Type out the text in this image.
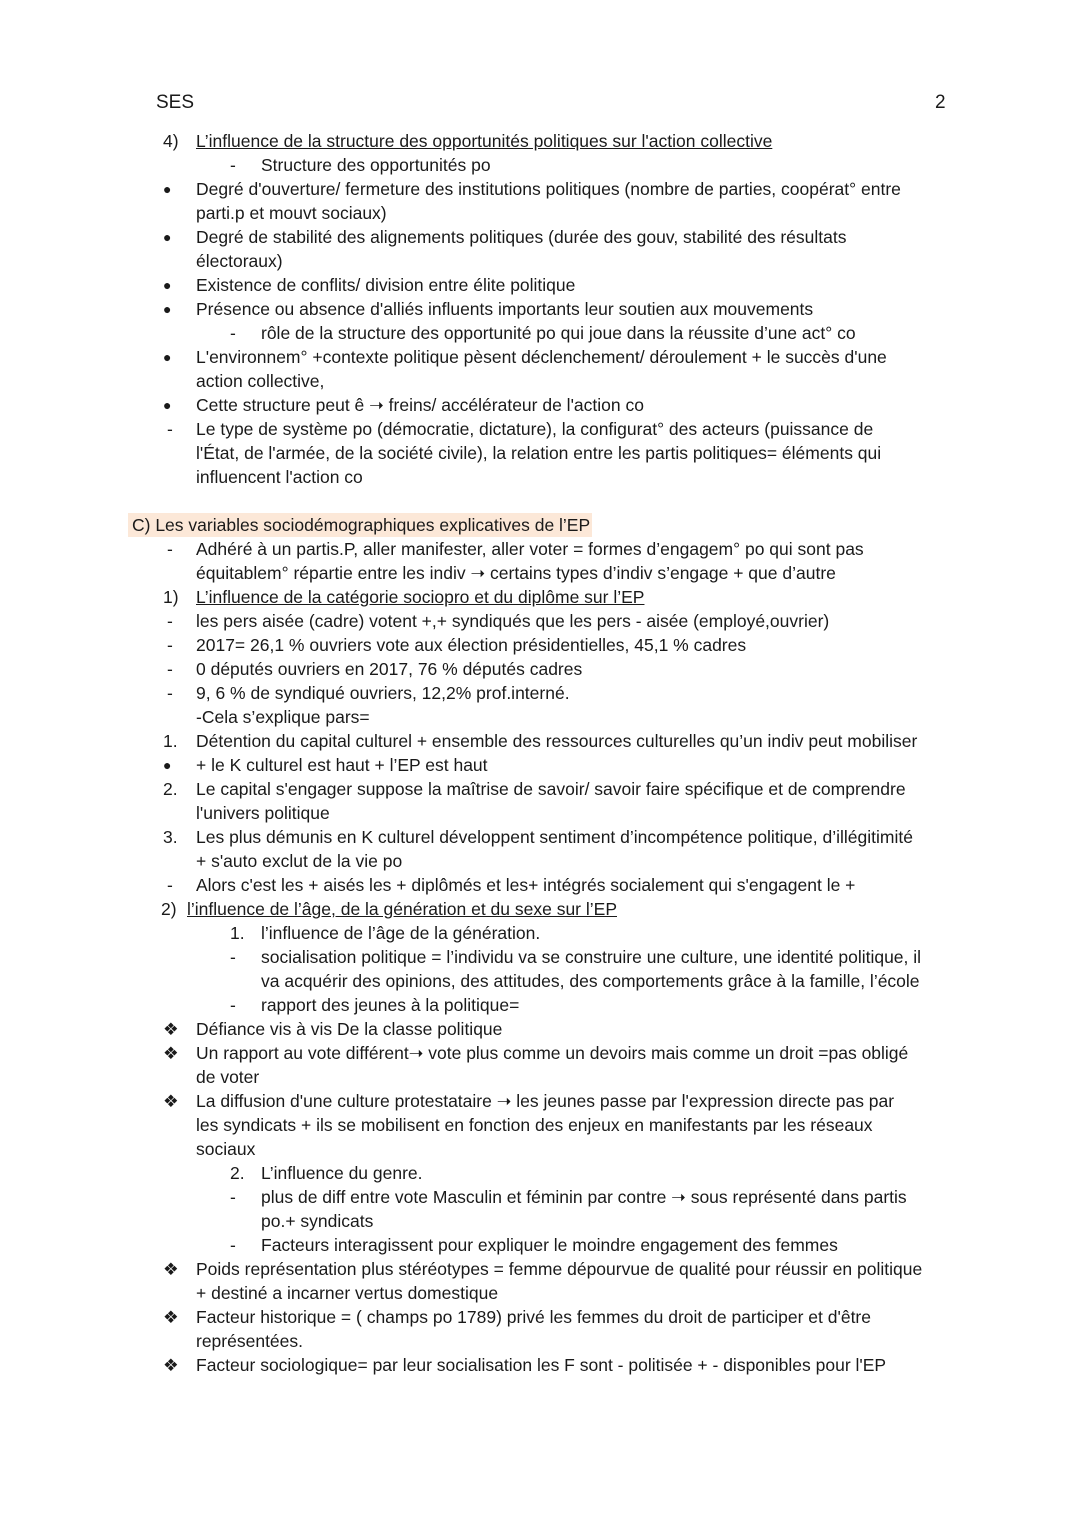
SES	2
4) L’influence de la structure des opportunités politiques sur l'action collective
- Structure des opportunités po
● Degré d'ouverture/ fermeture des institutions politiques (nombre de parties, coopérat° entre
parti.p et mouvt sociaux)
● Degré de stabilité des alignements politiques (durée des gouv, stabilité des résultats
électoraux)
● Existence de conflits/ division entre élite politique
● Présence ou absence d'alliés influents importants leur soutien aux mouvements
- rôle de la structure des opportunité po qui joue dans la réussite d’une act° co
● L'environnem° +contexte politique pèsent déclenchement/ déroulement + le succès d'une
action collective,
● Cette structure peut ê ➝ freins/ accélérateur de l'action co
- Le type de système po (démocratie, dictature), la configurat° des acteurs (puissance de
l'État, de l'armée, de la société civile), la relation entre les partis politiques= éléments qui
influencent l'action co
C) Les variables sociodémographiques explicatives de l’EP
- Adhéré à un partis.P, aller manifester, aller voter = formes d’engagem° po qui sont pas
équitablem° répartie entre les indiv ➝ certains types d’indiv s’engage + que d’autre
1) L’influence de la catégorie sociopro et du diplôme sur l’EP
- les pers aisée (cadre) votent +,+ syndiqués que les pers - aisée (employé,ouvrier)
- 2017= 26,1 % ouvriers vote aux élection présidentielles, 45,1 % cadres
- 0 députés ouvriers en 2017, 76 % députés cadres
- 9, 6 % de syndiqué ouvriers, 12,2% prof.interné.
-Cela s’explique pars=
1. Détention du capital culturel + ensemble des ressources culturelles qu’un indiv peut mobiliser
● + le K culturel est haut + l’EP est haut
2. Le capital s'engager suppose la maîtrise de savoir/ savoir faire spécifique et de comprendre
l'univers politique
3. Les plus démunis en K culturel développent sentiment d’incompétence politique, d’illégitimité
+ s'auto exclut de la vie po
- Alors c'est les + aisés les + diplômés et les+ intégrés socialement qui s'engagent le +
2) l’influence de l’âge, de la génération et du sexe sur l’EP
1. l’influence de l’âge de la génération.
- socialisation politique = l’individu va se construire une culture, une identité politique, il
va acquérir des opinions, des attitudes, des comportements grâce à la famille, l’école
- rapport des jeunes à la politique=
❖ Défiance vis à vis De la classe politique
❖ Un rapport au vote différent➝ vote plus comme un devoirs mais comme un droit =pas obligé
de voter
❖ La diffusion d'une culture protestataire ➝ les jeunes passe par l'expression directe pas par
les syndicats + ils se mobilisent en fonction des enjeux en manifestants par les réseaux
sociaux
2. L’influence du genre.
- plus de diff entre vote Masculin et féminin par contre ➝ sous représenté dans partis
po.+ syndicats
- Facteurs interagissent pour expliquer le moindre engagement des femmes
❖ Poids représentation plus stéréotypes = femme dépourvue de qualité pour réussir en politique
+ destiné a incarner vertus domestique
❖ Facteur historique = ( champs po 1789) privé les femmes du droit de participer et d'être
représentées.
❖ Facteur sociologique= par leur socialisation les F sont - politisée + - disponibles pour l'EP
